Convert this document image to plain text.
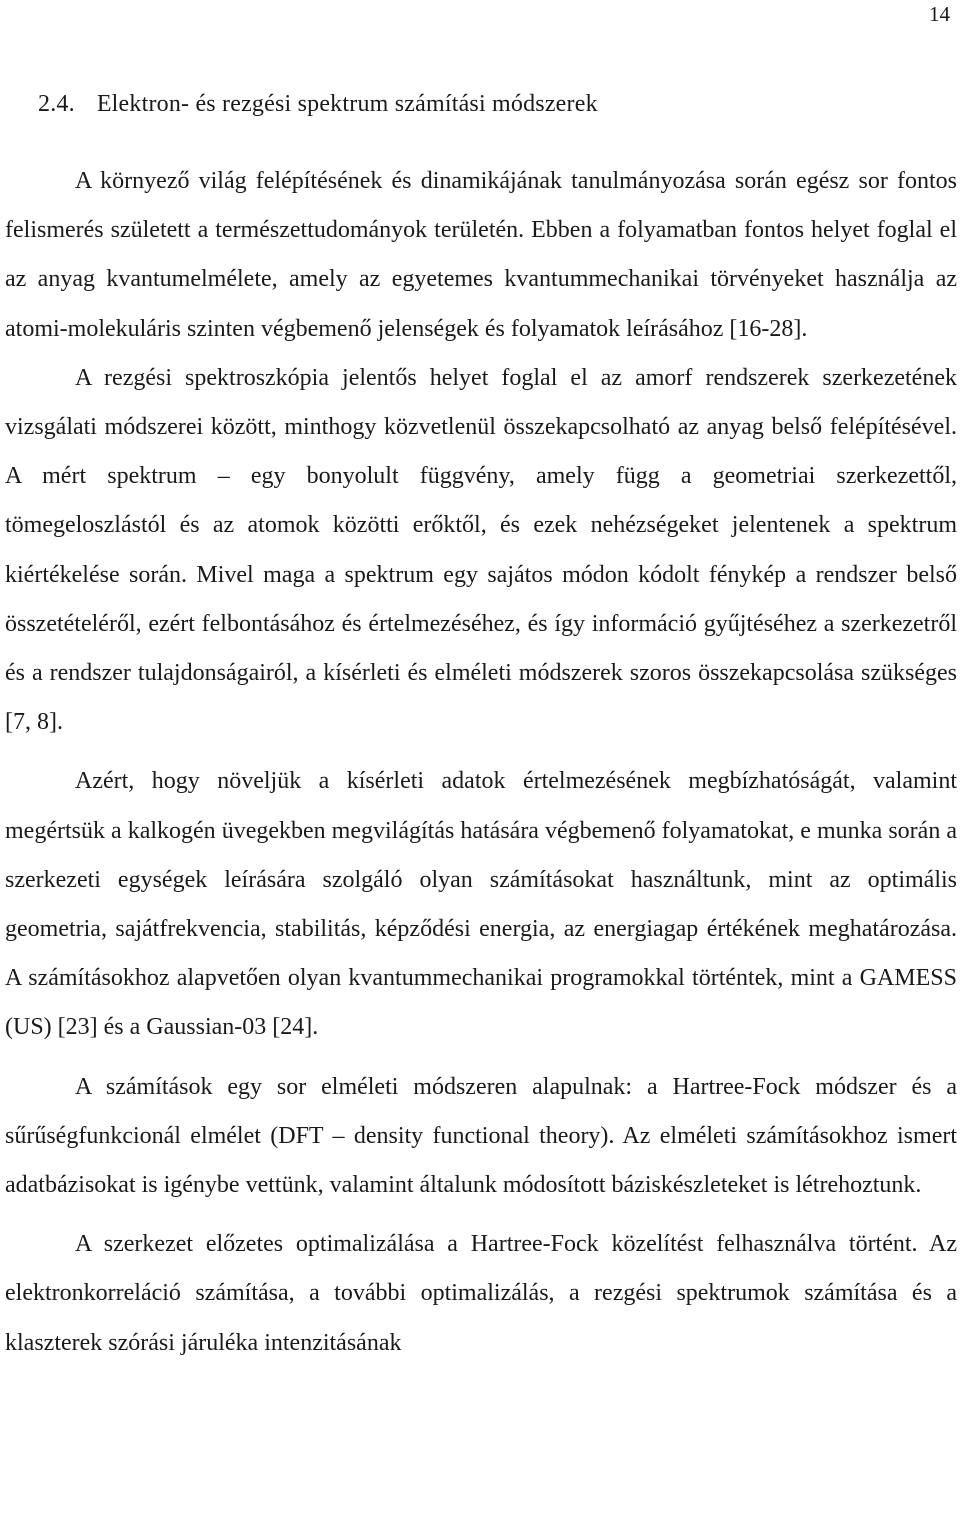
14
2.4. Elektron- és rezgési spektrum számítási módszerek

A környező világ felépítésének és dinamikájának tanulmányozása során egész sor fontos felismerés született a természettudományok területén. Ebben a folyamatban fontos helyet foglal el az anyag kvantumelmélete, amely az egyetemes kvantummechanikai törvényeket használja az atomi-molekuláris szinten végbemenő jelenségek és folyamatok leírásához [16-28].

A rezgési spektroszkópia jelentős helyet foglal el az amorf rendszerek szerkezetének vizsgálati módszerei között, minthogy közvetlenül összekapcsolható az anyag belső felépítésével. A mért spektrum – egy bonyolult függvény, amely függ a geometriai szerkezettől, tömegeloszlástól és az atomok közötti erőktől, és ezek nehézségeket jelentenek a spektrum kiértékelése során. Mivel maga a spektrum egy sajátos módon kódolt fénykép a rendszer belső összetételéről, ezért felbontásához és értelmezéséhez, és így információ gyűjtéséhez a szerkezetről és a rendszer tulajdonságairól, a kísérleti és elméleti módszerek szoros összekapcsolása szükséges [7, 8].

Azért, hogy növeljük a kísérleti adatok értelmezésének megbízhatóságát, valamint megértsük a kalkogén üvegekben megvilágítás hatására végbemenő folyamatokat, e munka során a szerkezeti egységek leírására szolgáló olyan számításokat használtunk, mint az optimális geometria, sajátfrekvencia, stabilitás, képződési energia, az energiagap értékének meghatározása. A számításokhoz alapvetően olyan kvantummechanikai programokkal történtek, mint a GAMESS (US) [23] és a Gaussian-03 [24].

A számítások egy sor elméleti módszeren alapulnak: a Hartree-Fock módszer és a sűrűségfunkcionál elmélet (DFT – density functional theory). Az elméleti számításokhoz ismert adatbázisokat is igénybe vettünk, valamint általunk módosított báziskészleteket is létrehoztunk.

A szerkezet előzetes optimalizálása a Hartree-Fock közelítést felhasználva történt. Az elektronkorreláció számítása, a további optimalizálás, a rezgési spektrumok számítása és a klaszterek szórási járuléka intenzitásának
